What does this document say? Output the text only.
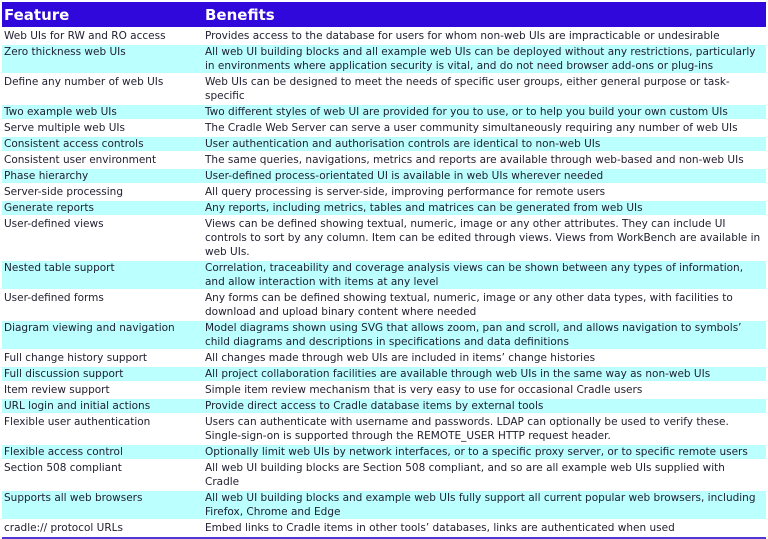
Feature	Benefits
Web UIs for RW and RO access	Provides access to the database for users for whom non-web UIs are impracticable or undesirable
Zero thickness web UIs	All web UI building blocks and all example web UIs can be deployed without any restrictions, particularly in environments where application security is vital, and do not need browser add-ons or plug-ins
Define any number of web UIs	Web UIs can be designed to meet the needs of specific user groups, either general purpose or task-specific
Two example web UIs	Two different styles of web UI are provided for you to use, or to help you build your own custom UIs
Serve multiple web UIs	The Cradle Web Server can serve a user community simultaneously requiring any number of web UIs
Consistent access controls	User authentication and authorisation controls are identical to non-web UIs
Consistent user environment	The same queries, navigations, metrics and reports are available through web-based and non-web UIs
Phase hierarchy	User-defined process-orientated UI is available in web UIs wherever needed
Server-side processing	All query processing is server-side, improving performance for remote users
Generate reports	Any reports, including metrics, tables and matrices can be generated from web UIs
User-defined views	Views can be defined showing textual, numeric, image or any other attributes. They can include UI controls to sort by any column. Item can be edited through views. Views from WorkBench are available in web UIs.
Nested table support	Correlation, traceability and coverage analysis views can be shown between any types of information, and allow interaction with items at any level
User-defined forms	Any forms can be defined showing textual, numeric, image or any other data types, with facilities to download and upload binary content where needed
Diagram viewing and navigation	Model diagrams shown using SVG that allows zoom, pan and scroll, and allows navigation to symbols’ child diagrams and descriptions in specifications and data definitions
Full change history support	All changes made through web UIs are included in items’ change histories
Full discussion support	All project collaboration facilities are available through web UIs in the same way as non-web UIs
Item review support	Simple item review mechanism that is very easy to use for occasional Cradle users
URL login and initial actions	Provide direct access to Cradle database items by external tools
Flexible user authentication	Users can authenticate with username and passwords. LDAP can optionally be used to verify these. Single-sign-on is supported through the REMOTE_USER HTTP request header.
Flexible access control	Optionally limit web UIs by network interfaces, or to a specific proxy server, or to specific remote users
Section 508 compliant	All web UI building blocks are Section 508 compliant, and so are all example web UIs supplied with Cradle
Supports all web browsers	All web UI building blocks and example web UIs fully support all current popular web browsers, including Firefox, Chrome and Edge
cradle:// protocol URLs	Embed links to Cradle items in other tools’ databases, links are authenticated when used
